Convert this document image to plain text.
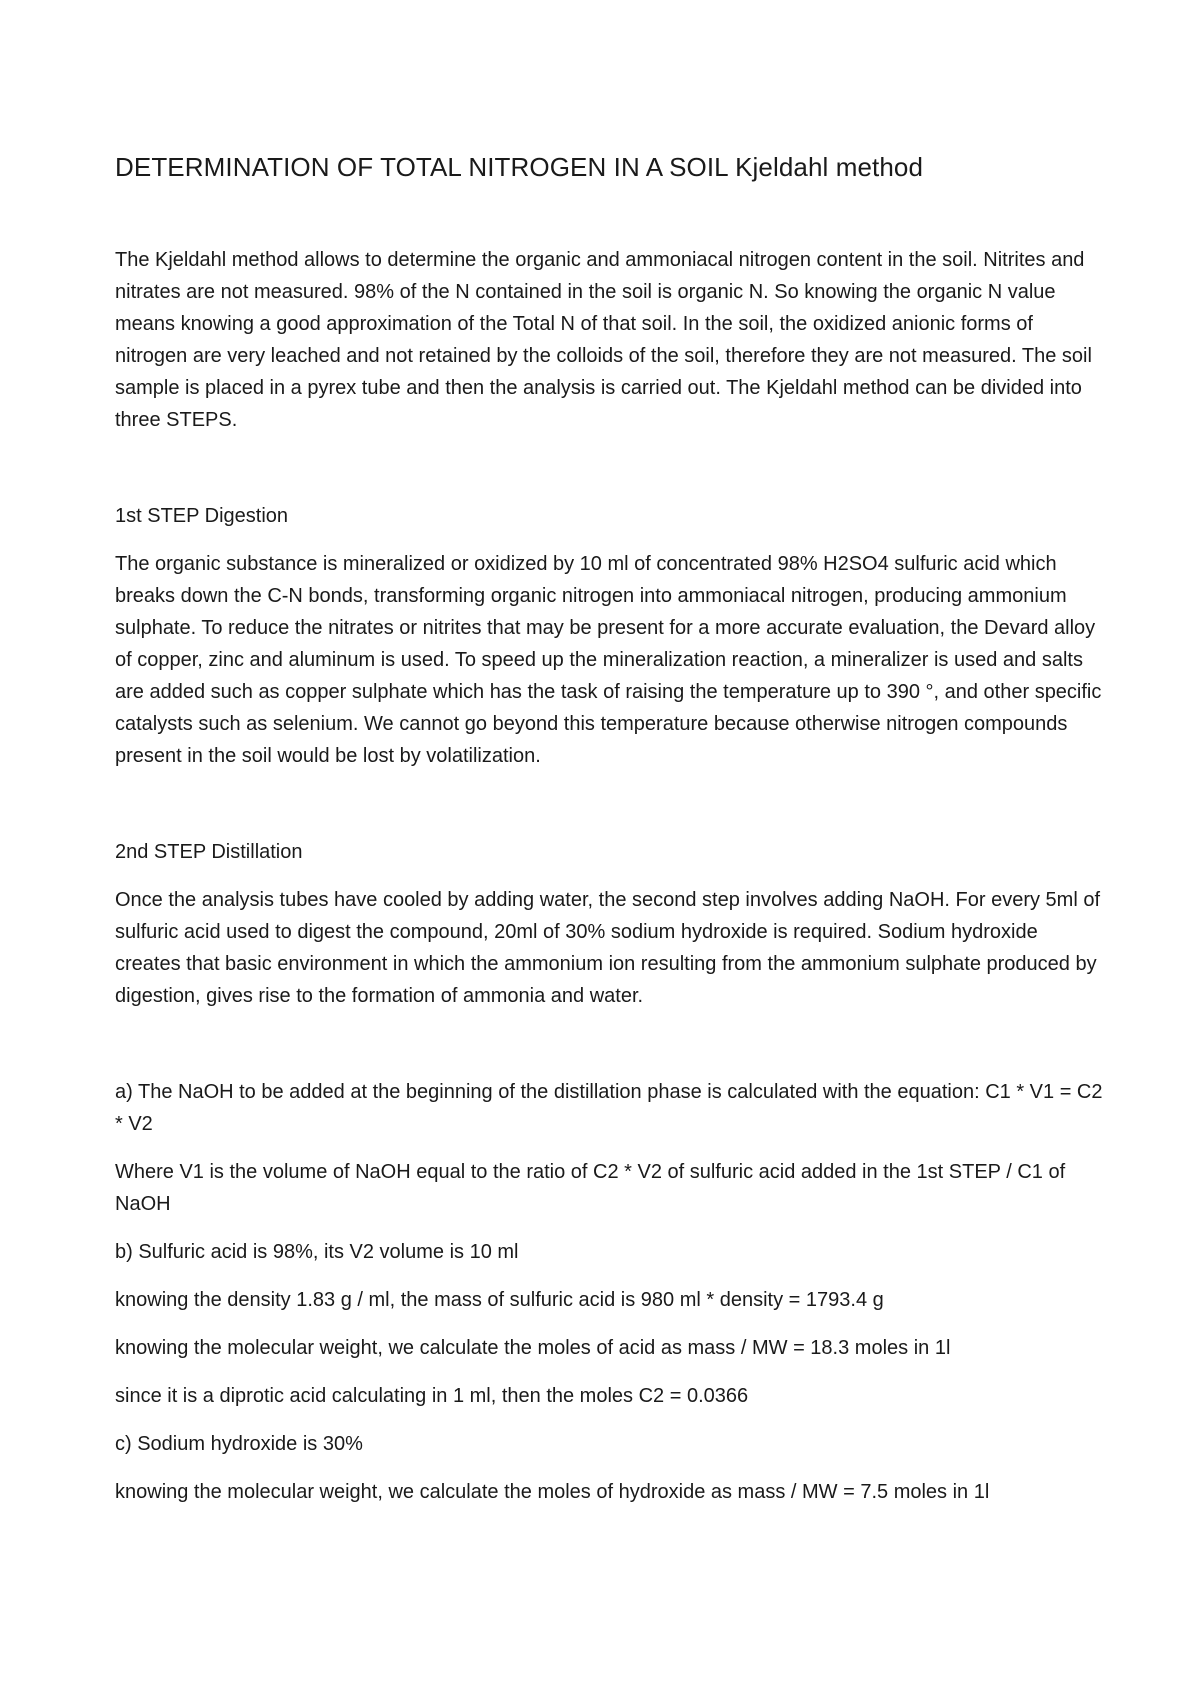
DETERMINATION OF TOTAL NITROGEN IN A SOIL Kjeldahl method

The Kjeldahl method allows to determine the organic and ammoniacal nitrogen content in the soil. Nitrites and nitrates are not measured. 98% of the N contained in the soil is organic N. So knowing the organic N value means knowing a good approximation of the Total N of that soil. In the soil, the oxidized anionic forms of nitrogen are very leached and not retained by the colloids of the soil, therefore they are not measured. The soil sample is placed in a pyrex tube and then the analysis is carried out. The Kjeldahl method can be divided into three STEPS.

1st STEP Digestion

The organic substance is mineralized or oxidized by 10 ml of concentrated 98% H2SO4 sulfuric acid which breaks down the C-N bonds, transforming organic nitrogen into ammoniacal nitrogen, producing ammonium sulphate. To reduce the nitrates or nitrites that may be present for a more accurate evaluation, the Devard alloy of copper, zinc and aluminum is used. To speed up the mineralization reaction, a mineralizer is used and salts are added such as copper sulphate which has the task of raising the temperature up to 390 °, and other specific catalysts such as selenium. We cannot go beyond this temperature because otherwise nitrogen compounds present in the soil would be lost by volatilization.

2nd STEP Distillation

Once the analysis tubes have cooled by adding water, the second step involves adding NaOH. For every 5ml of sulfuric acid used to digest the compound, 20ml of 30% sodium hydroxide is required. Sodium hydroxide creates that basic environment in which the ammonium ion resulting from the ammonium sulphate produced by digestion, gives rise to the formation of ammonia and water.

a) The NaOH to be added at the beginning of the distillation phase is calculated with the equation: C1 * V1 = C2 * V2

Where V1 is the volume of NaOH equal to the ratio of C2 * V2 of sulfuric acid added in the 1st STEP / C1 of NaOH

b) Sulfuric acid is 98%, its V2 volume is 10 ml

knowing the density 1.83 g / ml, the mass of sulfuric acid is 980 ml * density = 1793.4 g

knowing the molecular weight, we calculate the moles of acid as mass / MW = 18.3 moles in 1l

since it is a diprotic acid calculating in 1 ml, then the moles C2 = 0.0366

c) Sodium hydroxide is 30%

knowing the molecular weight, we calculate the moles of hydroxide as mass / MW = 7.5 moles in 1l
